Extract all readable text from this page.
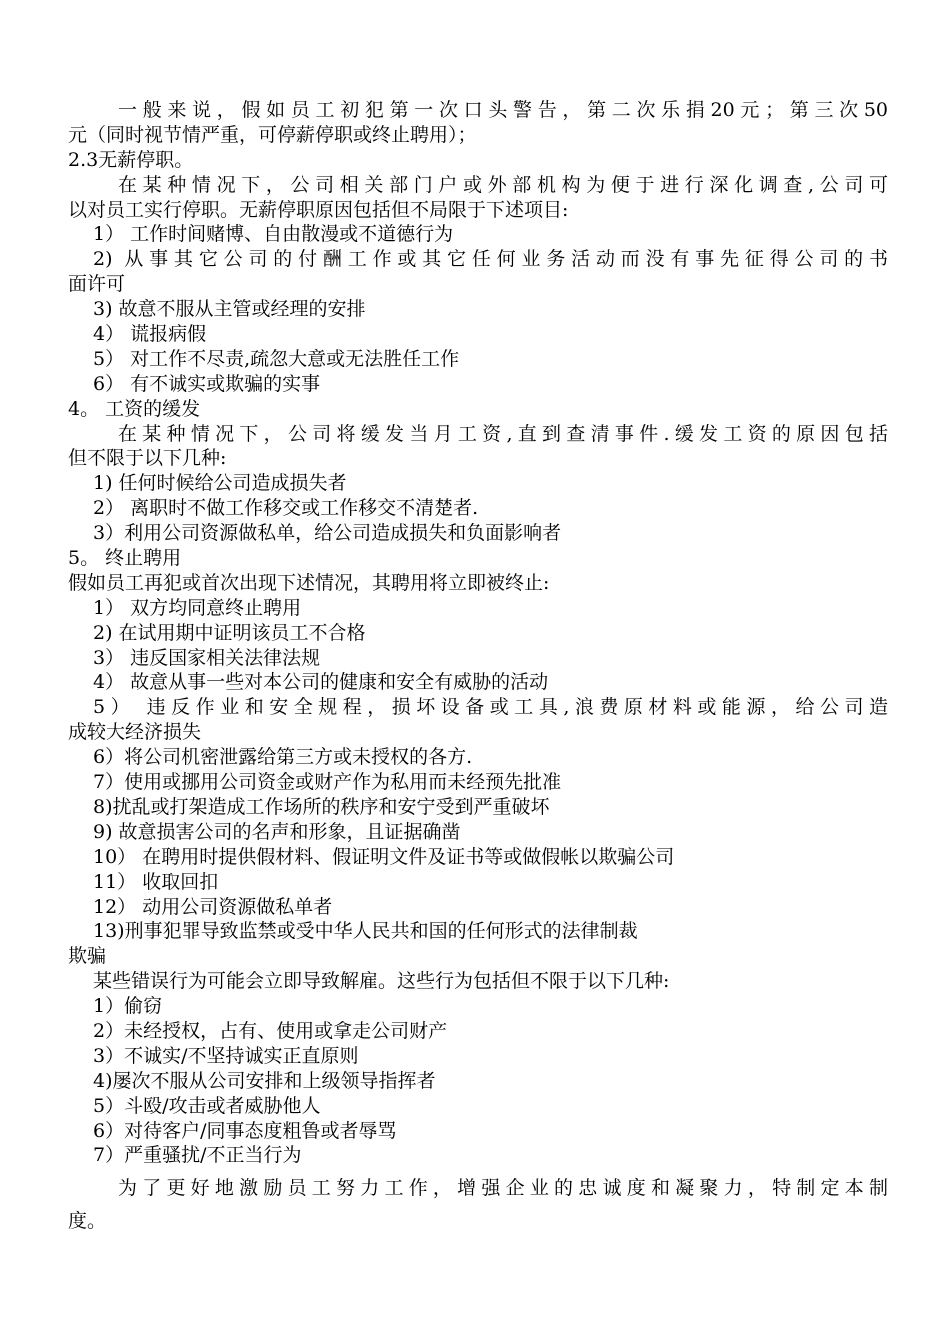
一般来说，假如员工初犯第一次口头警告，第二次乐捐20元；第三次50
元（同时视节情严重，可停薪停职或终止聘用）；
2.3无薪停职。
在某种情况下，公司相关部门户或外部机构为便于进行深化调查,公司可
以对员工实行停职。无薪停职原因包括但不局限于下述项目:
1） 工作时间赌博、自由散漫或不道德行为
2) 从事其它公司的付酬工作或其它任何业务活动而没有事先征得公司的书
面许可
3) 故意不服从主管或经理的安排
4） 谎报病假
5） 对工作不尽责,疏忽大意或无法胜任工作
6） 有不诚实或欺骗的实事
4。 工资的缓发
在某种情况下，公司将缓发当月工资,直到查清事件.缓发工资的原因包括
但不限于以下几种:
1) 任何时候给公司造成损失者
2） 离职时不做工作移交或工作移交不清楚者.
3）利用公司资源做私单，给公司造成损失和负面影响者
5。 终止聘用
假如员工再犯或首次出现下述情况，其聘用将立即被终止:
1） 双方均同意终止聘用
2) 在试用期中证明该员工不合格
3） 违反国家相关法律法规
4） 故意从事一些对本公司的健康和安全有威胁的活动
5） 违反作业和安全规程，损坏设备或工具,浪费原材料或能源，给公司造
成较大经济损失
6）将公司机密泄露给第三方或未授权的各方.
7）使用或挪用公司资金或财产作为私用而未经预先批准
8)扰乱或打架造成工作场所的秩序和安宁受到严重破坏
9) 故意损害公司的名声和形象，且证据确凿
10） 在聘用时提供假材料、假证明文件及证书等或做假帐以欺骗公司
11） 收取回扣
12） 动用公司资源做私单者
13)刑事犯罪导致监禁或受中华人民共和国的任何形式的法律制裁
欺骗
某些错误行为可能会立即导致解雇。这些行为包括但不限于以下几种:
1）偷窃
2）未经授权，占有、使用或拿走公司财产
3）不诚实/不坚持诚实正直原则
4)屡次不服从公司安排和上级领导指挥者
5）斗殴/攻击或者威胁他人
6）对待客户/同事态度粗鲁或者辱骂
7）严重骚扰/不正当行为
为了更好地激励员工努力工作，增强企业的忠诚度和凝聚力，特制定本制
度。
